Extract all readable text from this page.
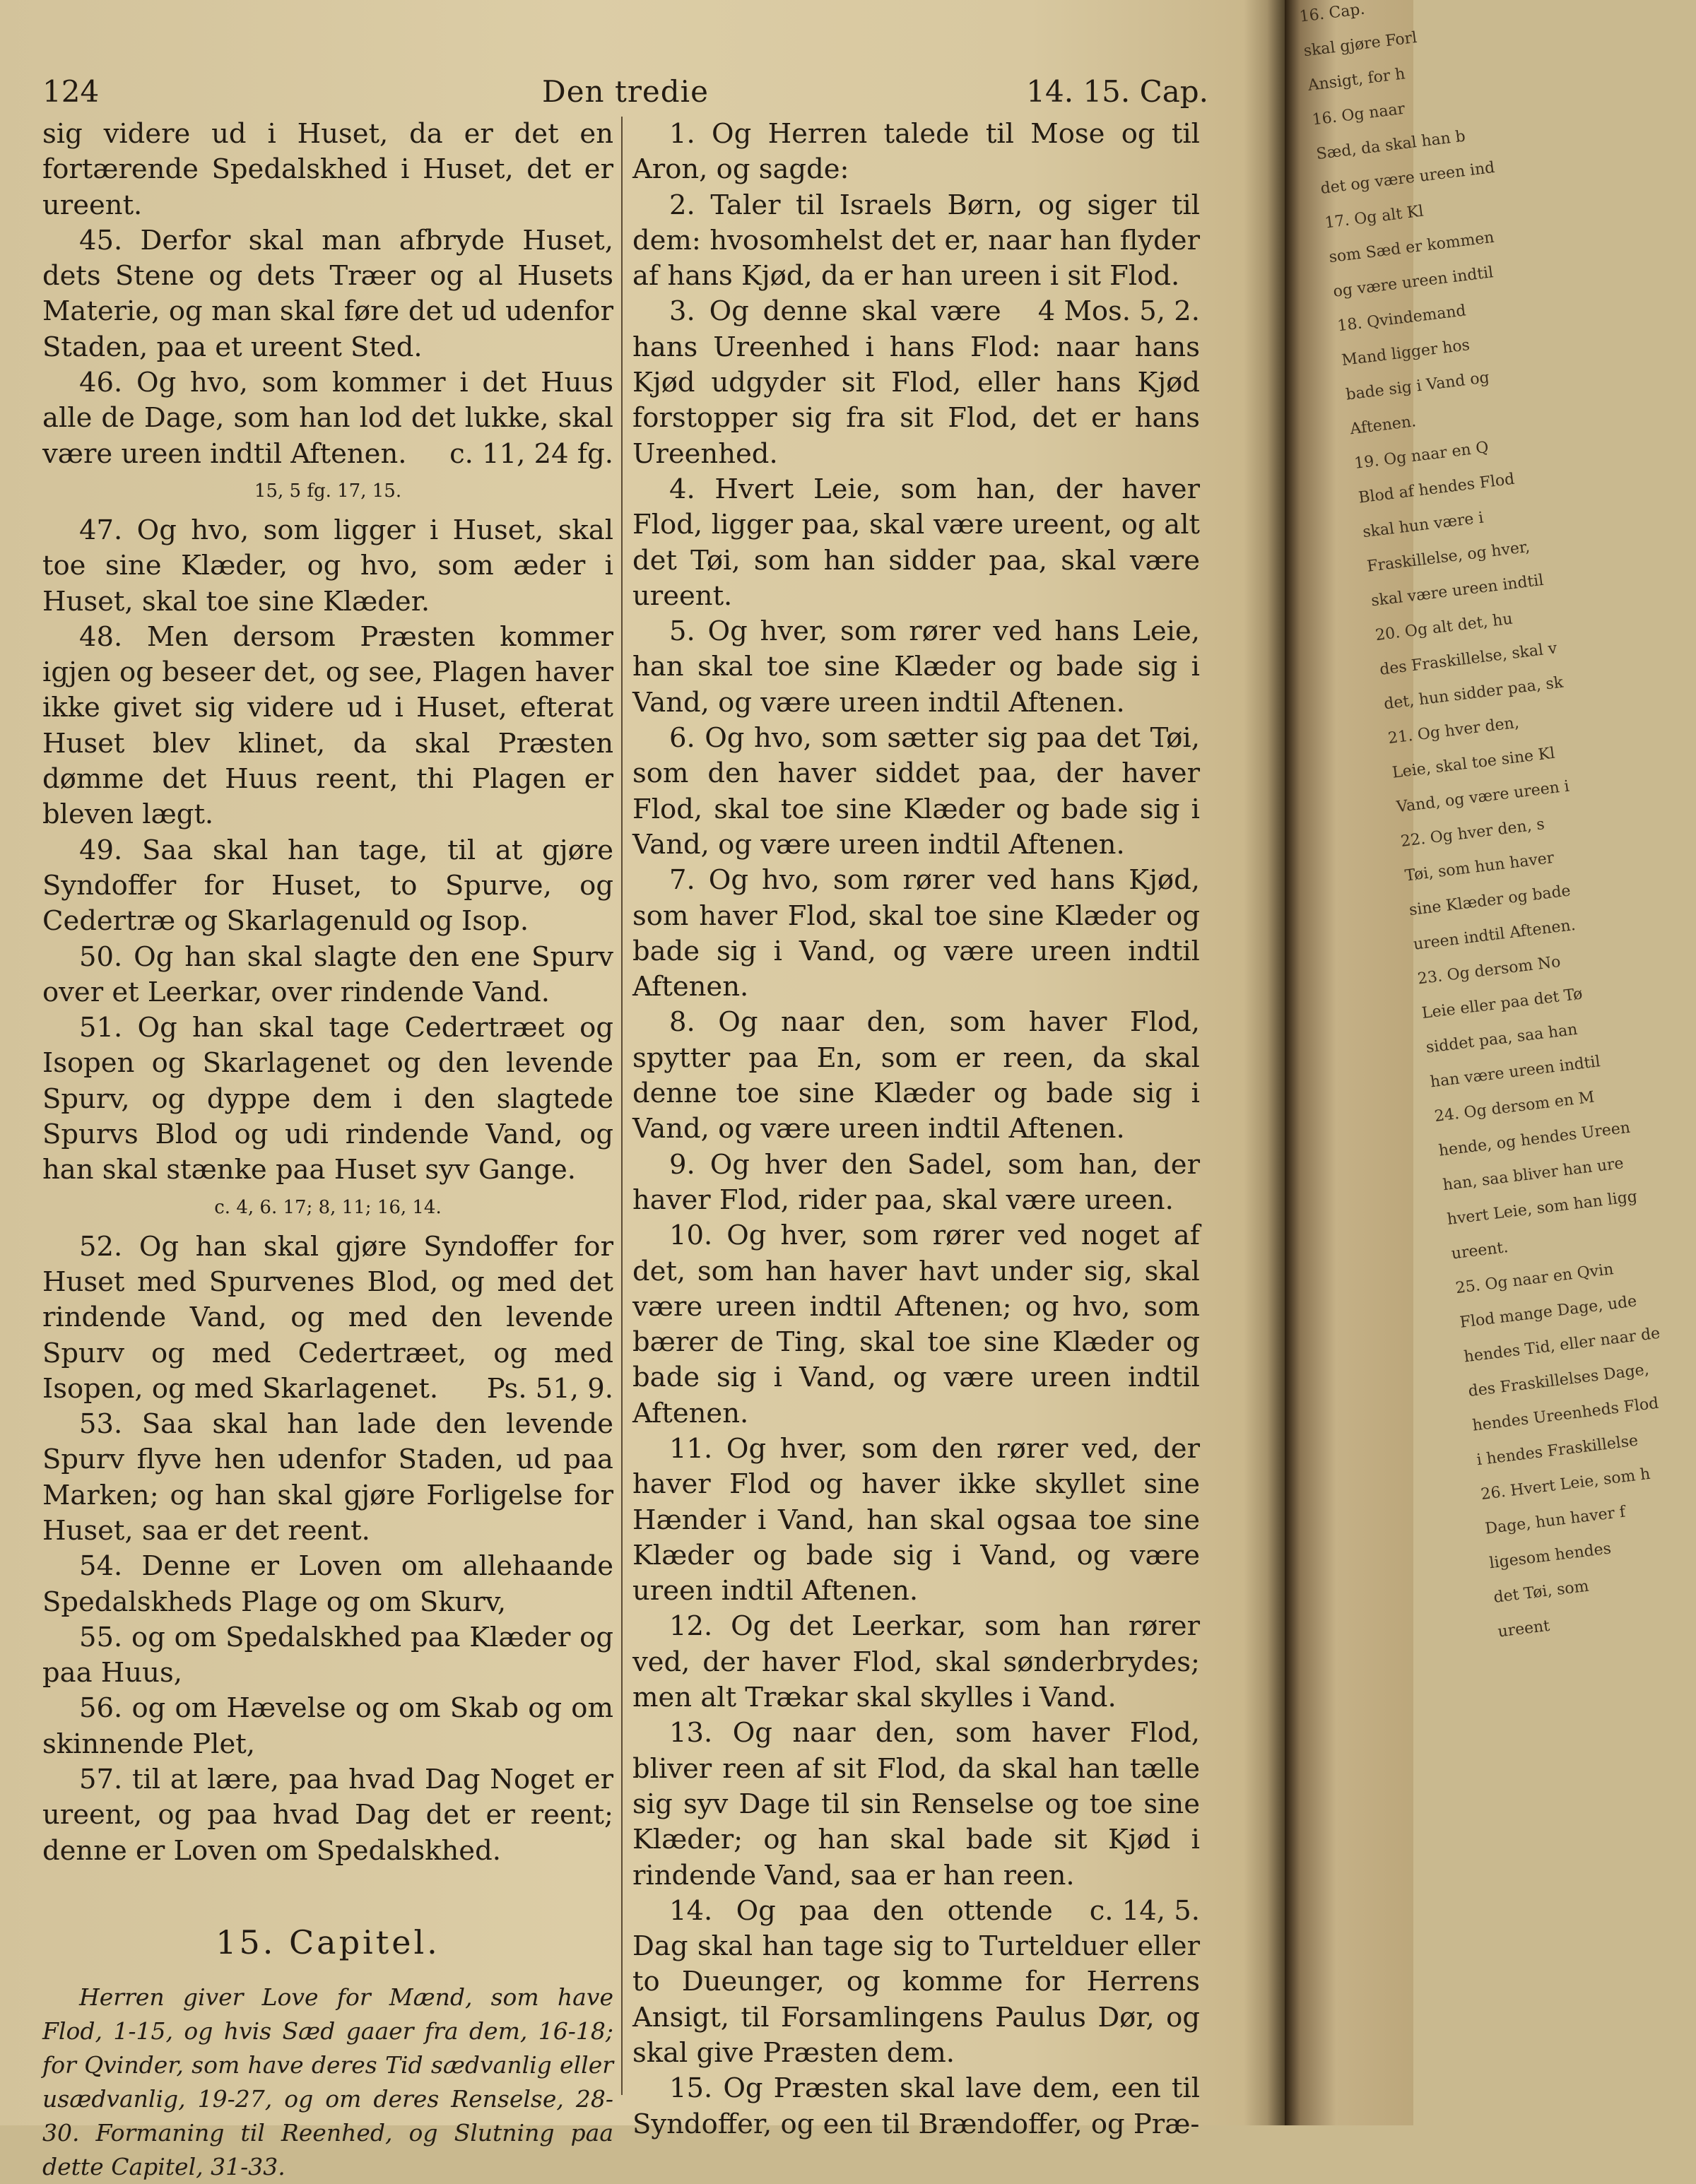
124	Den tredie	14. 15. Cap.

sig videre ud i Huset, da er det en fortærende Spedalskhed i Huset, det er ureent.

45. Derfor skal man afbryde Huset, dets Stene og dets Træer og al Husets Materie, og man skal føre det ud udenfor Staden, paa et ureent Sted.

46. Og hvo, som kommer i det Huus alle de Dage, som han lod det lukke, skal være ureen indtil Aftenen.	c. 11, 24 fg.

15, 5 fg. 17, 15.

47. Og hvo, som ligger i Huset, skal toe sine Klæder, og hvo, som æder i Huset, skal toe sine Klæder.

48. Men dersom Præsten kommer igjen og beseer det, og see, Plagen haver ikke givet sig videre ud i Huset, efterat Huset blev klinet, da skal Præsten dømme det Huus reent, thi Plagen er bleven lægt.

49. Saa skal han tage, til at gjøre Syndoffer for Huset, to Spurve, og Cedertræ og Skarlagenuld og Isop.

50. Og han skal slagte den ene Spurv over et Leerkar, over rindende Vand.

51. Og han skal tage Cedertræet og Isopen og Skarlagenet og den levende Spurv, og dyppe dem i den slagtede Spurvs Blod og udi rindende Vand, og han skal stænke paa Huset syv Gange.

c. 4, 6. 17; 8, 11; 16, 14.

52. Og han skal gjøre Syndoffer for Huset med Spurvenes Blod, og med det rindende Vand, og med den levende Spurv og med Cedertræet, og med Isopen, og med Skarlagenet.	Ps. 51, 9.

53. Saa skal han lade den levende Spurv flyve hen udenfor Staden, ud paa Marken; og han skal gjøre Forligelse for Huset, saa er det reent.

54. Denne er Loven om allehaande Spedalskheds Plage og om Skurv,

55. og om Spedalskhed paa Klæder og paa Huus,

56. og om Hævelse og om Skab og om skinnende Plet,

57. til at lære, paa hvad Dag Noget er ureent, og paa hvad Dag det er reent; denne er Loven om Spedalskhed.

15. Capitel.

Herren giver Love for Mænd, som have Flod, 1-15, og hvis Sæd gaaer fra dem, 16-18; for Qvinder, som have deres Tid sædvanlig eller usædvanlig, 19-27, og om deres Renselse, 28-30. Formaning til Reenhed, og Slutning paa dette Capitel, 31-33.

1. Og Herren talede til Mose og til Aron, og sagde:

2. Taler til Israels Børn, og siger til dem: hvosomhelst det er, naar han flyder af hans Kjød, da er han ureen i sit Flod.
4 Mos. 5, 2.

3. Og denne skal være hans Ureenhed i hans Flod: naar hans Kjød udgyder sit Flod, eller hans Kjød forstopper sig fra sit Flod, det er hans Ureenhed.

4. Hvert Leie, som han, der haver Flod, ligger paa, skal være ureent, og alt det Tøi, som han sidder paa, skal være ureent.

5. Og hver, som rører ved hans Leie, han skal toe sine Klæder og bade sig i Vand, og være ureen indtil Aftenen.

6. Og hvo, som sætter sig paa det Tøi, som den haver siddet paa, der haver Flod, skal toe sine Klæder og bade sig i Vand, og være ureen indtil Aftenen.

7. Og hvo, som rører ved hans Kjød, som haver Flod, skal toe sine Klæder og bade sig i Vand, og være ureen indtil Aftenen.

8. Og naar den, som haver Flod, spytter paa En, som er reen, da skal denne toe sine Klæder og bade sig i Vand, og være ureen indtil Aftenen.

9. Og hver den Sadel, som han, der haver Flod, rider paa, skal være ureen.

10. Og hver, som rører ved noget af det, som han haver havt under sig, skal være ureen indtil Aftenen; og hvo, som bærer de Ting, skal toe sine Klæder og bade sig i Vand, og være ureen indtil Aftenen.

11. Og hver, som den rører ved, der haver Flod og haver ikke skyllet sine Hænder i Vand, han skal ogsaa toe sine Klæder og bade sig i Vand, og være ureen indtil Aftenen.

12. Og det Leerkar, som han rører ved, der haver Flod, skal sønderbrydes; men alt Trækar skal skylles i Vand.

13. Og naar den, som haver Flod, bliver reen af sit Flod, da skal han tælle sig syv Dage til sin Renselse og toe sine Klæder; og han skal bade sit Kjød i rindende Vand, saa er han reen.
c. 14, 5.

14. Og paa den ottende Dag skal han tage sig to Turtelduer eller to Dueunger, og komme for Herrens Ansigt, til Forsamlingens Paulus Dør, og skal give Præsten dem.

15. Og Præsten skal lave dem, een til Syndoffer, og een til Brændoffer, og Præ-

16. Cap.
skal gjøre Forl
Ansigt, for h
16. Og naar
Sæd, da skal han b
det og være ureen ind
17. Og alt Kl
som Sæd er kommen
og være ureen indtil
18. Qvindemand
Mand ligger hos
bade sig i Vand og
Aftenen.
19. Og naar en Q
Blod af hendes Flod
skal hun være i
Fraskillelse, og hver,
skal være ureen indtil
20. Og alt det, hu
des Fraskillelse, skal v
det, hun sidder paa, sk
21. Og hver den,
Leie, skal toe sine Kl
Vand, og være ureen i
22. Og hver den, s
Tøi, som hun haver
sine Klæder og bade
ureen indtil Aftenen.
23. Og dersom No
Leie eller paa det Tø
siddet paa, saa han
han være ureen indtil
24. Og dersom en M
hende, og hendes Ureen
han, saa bliver han ure
hvert Leie, som han ligg
ureent.
25. Og naar en Qvin
Flod mange Dage, ude
hendes Tid, eller naar de
des Fraskillelses Dage,
hendes Ureenheds Flod
i hendes Fraskillelse
26. Hvert Leie, som h
Dage, hun haver f
ligesom hendes
det Tøi, som
ureent
